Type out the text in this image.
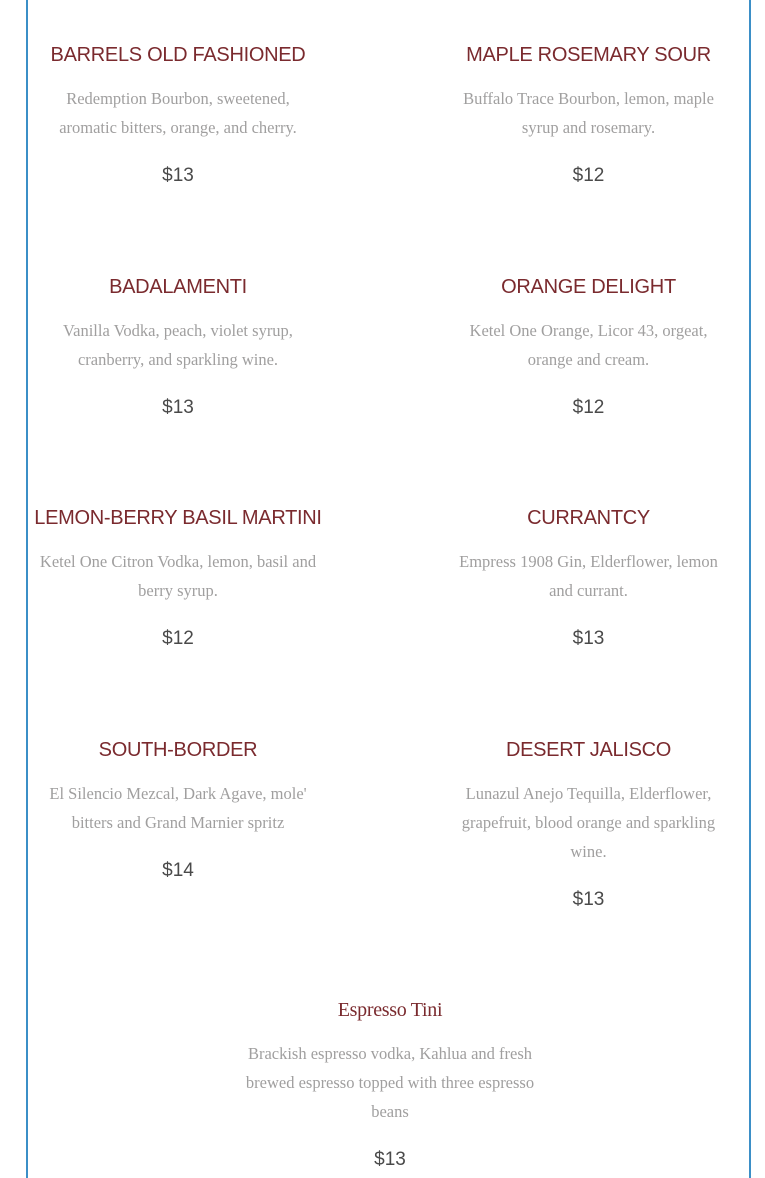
BARRELS OLD FASHIONED

Redemption Bourbon, sweetened, aromatic bitters, orange, and cherry.

$13

MAPLE ROSEMARY SOUR

Buffalo Trace Bourbon, lemon, maple syrup and rosemary.

$12

BADALAMENTI

Vanilla Vodka, peach, violet syrup, cranberry, and sparkling wine.

$13

ORANGE DELIGHT

Ketel One Orange, Licor 43, orgeat, orange and cream.

$12

LEMON-BERRY BASIL MARTINI

Ketel One Citron Vodka, lemon, basil and berry syrup.

$12

CURRANTCY

Empress 1908 Gin, Elderflower, lemon and currant.

$13

SOUTH-BORDER

El Silencio Mezcal, Dark Agave, mole' bitters and Grand Marnier spritz

$14

DESERT JALISCO

Lunazul Anejo Tequilla, Elderflower, grapefruit, blood orange and sparkling wine.

$13

Espresso Tini

Brackish espresso vodka, Kahlua and fresh brewed espresso topped with three espresso beans

$13
